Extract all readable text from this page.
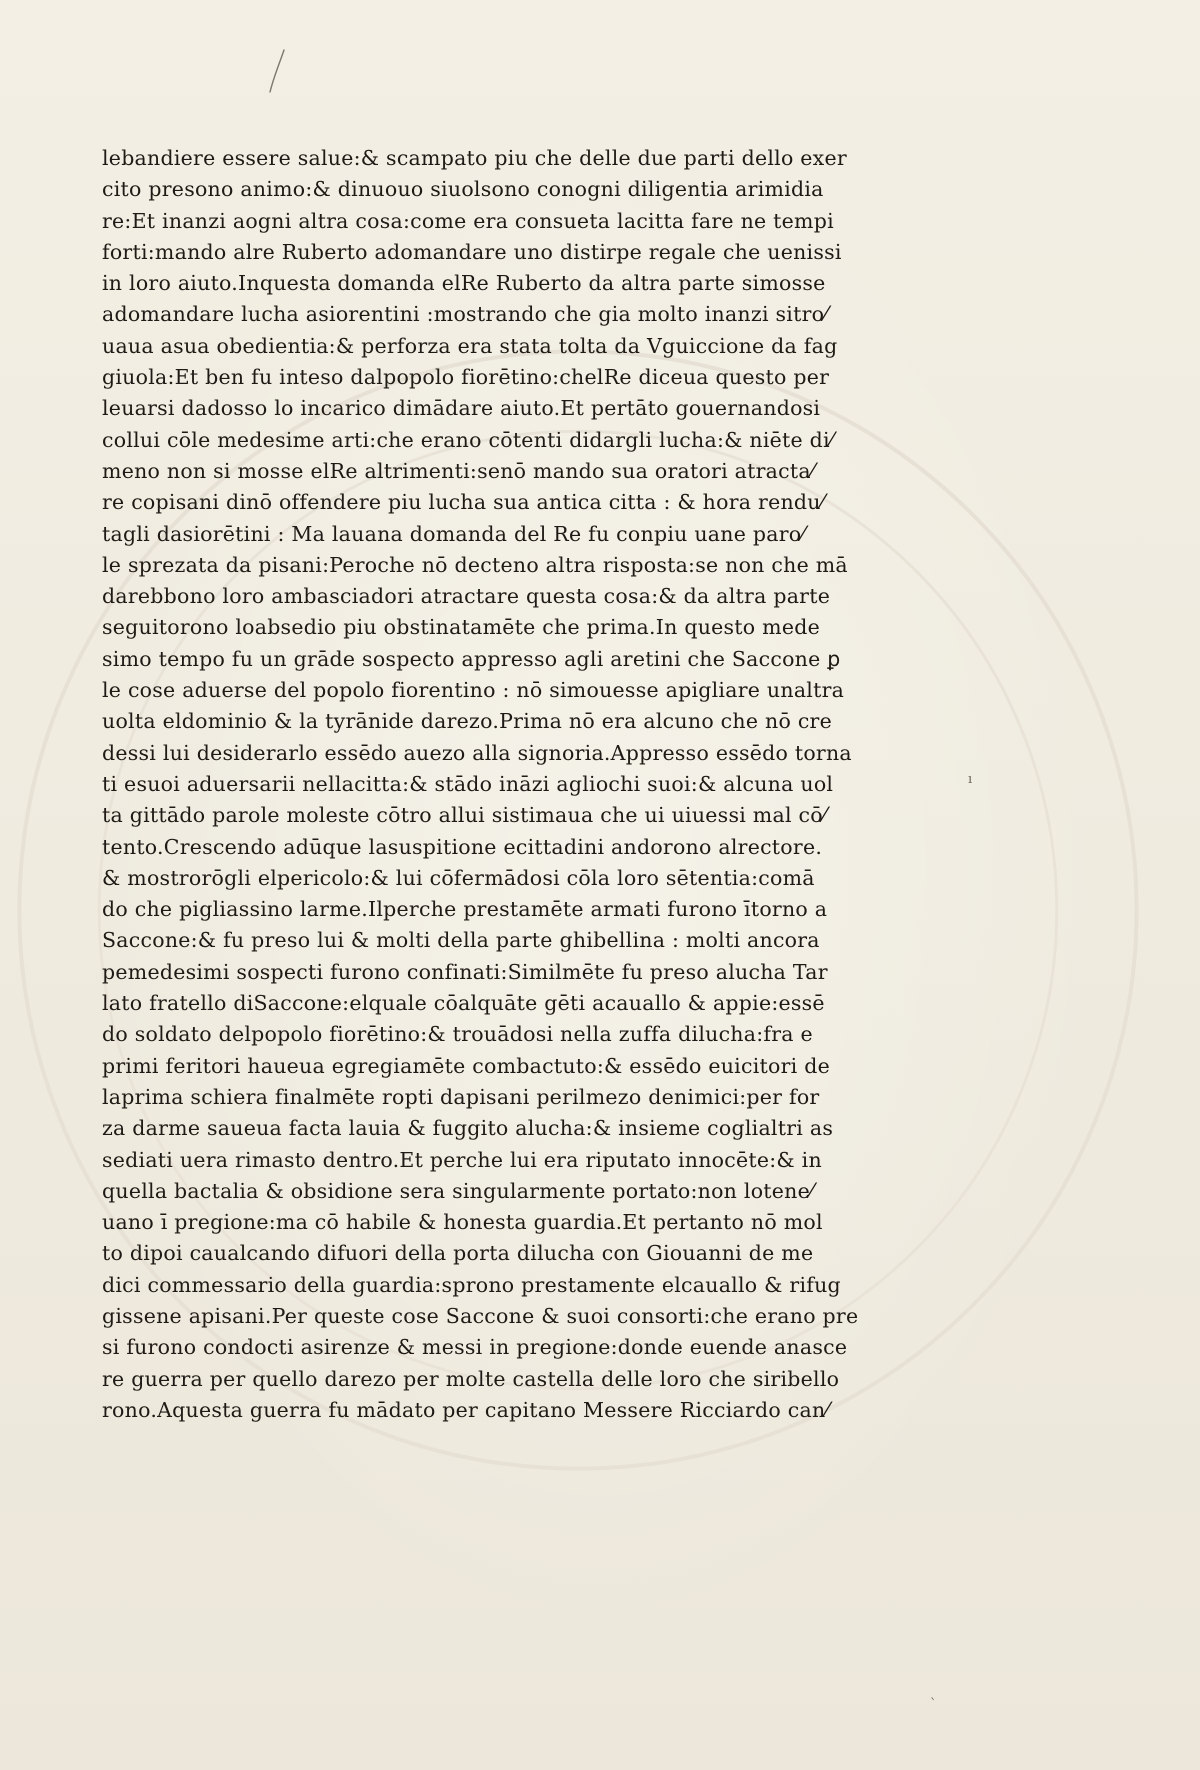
ı
ˋ
lebandiere essere salue:& scampato piu che delle due parti dello exer
cito presono animo:& dinuouo siuolsono conogni diligentia arimidia
re:Et inanzi aogni altra cosa:come era consueta lacitta fare ne tempi
forti:mando alre Ruberto adomandare uno distirpe regale che uenissi
in loro aiuto.Inquesta domanda elRe Ruberto da altra parte simosse
adomandare lucha asiorentini :mostrando che gia molto inanzi sitro⁄
uaua asua obedientia:& perforza era stata tolta da Vguiccione da fag
giuola:Et ben fu inteso dalpopolo fiorētino:chelRe diceua questo per
leuarsi dadosso lo incarico dimādare aiuto.Et pertāto gouernandosi
collui cōle medesime arti:che erano cōtenti didargli lucha:& niēte di⁄
meno non si mosse elRe altrimenti:senō mando sua oratori atracta⁄
re copisani dinō offendere piu lucha sua antica citta : & hora rendu⁄
tagli dasiorētini : Ma lauana domanda del Re fu conpiu uane paro⁄
le sprezata da pisani:Peroche nō decteno altra risposta:se non che mā
darebbono loro ambasciadori atractare questa cosa:& da altra parte
seguitorono loabsedio piu obstinatamēte che prima.In questo mede
simo tempo fu un grāde sospecto appresso agli aretini che Saccone ꝑ
le cose aduerse del popolo fiorentino : nō simouesse apigliare unaltra
uolta eldominio & la tyrānide darezo.Prima nō era alcuno che nō cre
dessi lui desiderarlo essēdo auezo alla signoria.Appresso essēdo torna
ti esuoi aduersarii nellacitta:& stādo ināzi agliochi suoi:& alcuna uol
ta gittādo parole moleste cōtro allui sistimaua che ui uiuessi mal cō⁄
tento.Crescendo adūque lasuspitione ecittadini andorono alrectore.
& mostrorōgli elpericolo:& lui cōfermādosi cōla loro sētentia:comā
do che pigliassino larme.Ilperche prestamēte armati furono ītorno a
Saccone:& fu preso lui & molti della parte ghibellina : molti ancora
pemedesimi sospecti furono confinati:Similmēte fu preso alucha Tar
lato fratello diSaccone:elquale cōalquāte gēti acauallo & appie:essē
do soldato delpopolo fiorētino:& trouādosi nella zuffa dilucha:fra e
primi feritori haueua egregiamēte combactuto:& essēdo euicitori de
laprima schiera finalmēte ropti dapisani perilmezo denimici:per for
za darme saueua facta lauia & fuggito alucha:& insieme coglialtri as
sediati uera rimasto dentro.Et perche lui era riputato innocēte:& in
quella bactalia & obsidione sera singularmente portato:non lotene⁄
uano ī pregione:ma cō habile & honesta guardia.Et pertanto nō mol
to dipoi caualcando difuori della porta dilucha con Giouanni de me
dici commessario della guardia:sprono prestamente elcauallo & rifug
gissene apisani.Per queste cose Saccone & suoi consorti:che erano pre
si furono condocti asirenze & messi in pregione:donde euende anasce
re guerra per quello darezo per molte castella delle loro che siribello
rono.Aquesta guerra fu mādato per capitano Messere Ricciardo can⁄
